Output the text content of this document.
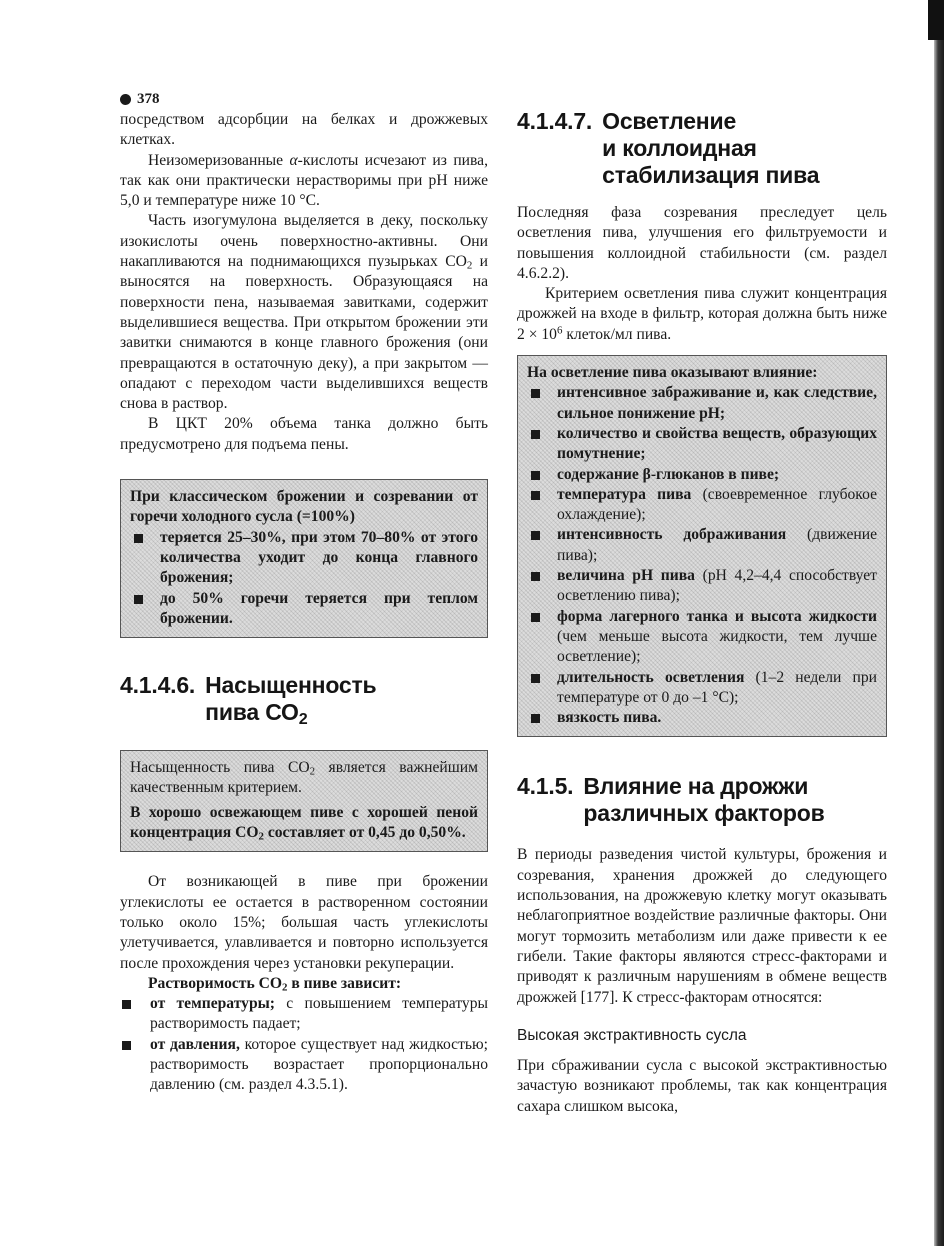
378

посредством адсорбции на белках и дрожжевых клетках.

Неизомеризованные α-кислоты исчезают из пива, так как они практически нерастворимы при pH ниже 5,0 и температуре ниже 10 °С.

Часть изогумулона выделяется в деку, поскольку изокислоты очень поверхностно-активны. Они накапливаются на поднимающихся пузырьках $СО_2$ и выносятся на поверхность. Образующаяся на поверхности пена, называемая завитками, содержит выделившиеся вещества. При открытом брожении эти завитки снимаются в конце главного брожения (они превращаются в остаточную деку), а при закрытом — опадают с переходом части выделившихся веществ снова в раствор.

В ЦКТ 20% объема танка должно быть предусмотрено для подъема пены.

При классическом брожении и созревании от горечи холодного сусла (=100%)

теряется 25–30%, при этом 70–80% от этого количества уходит до конца главного брожения;
до 50% горечи теряется при теплом брожении.
4.1.4.6. Насыщенность
пива $СО_2$

Насыщенность пива $СО_2$ является важнейшим качественным критерием.

В хорошо освежающем пиве с хорошей пеной концентрация $СО_2$ составляет от 0,45 до 0,50%.

От возникающей в пиве при брожении углекислоты ее остается в растворенном состоянии только около 15%; большая часть углекислоты улетучивается, улавливается и повторно используется после прохождения через установки рекуперации.

Растворимость $СО_2$ в пиве зависит:

от температуры; с повышением температуры растворимость падает;
от давления, которое существует над жидкостью; растворимость возрастает пропорционально давлению (см. раздел 4.3.5.1).
4.1.4.7. Осветление
и коллоидная
стабилизация пива

Последняя фаза созревания преследует цель осветления пива, улучшения его фильтруемости и повышения коллоидной стабильности (см. раздел 4.6.2.2).

Критерием осветления пива служит концентрация дрожжей на входе в фильтр, которая должна быть ниже $2 \times 10^6$ клеток/мл пива.

На осветление пива оказывают влияние:

интенсивное забраживание и, как следствие, сильное понижение pH;
количество и свойства веществ, образующих помутнение;
содержание β-глюканов в пиве;
температура пива (своевременное глубокое охлаждение);
интенсивность дображивания (движение пива);
величина pH пива (pH 4,2–4,4 способствует осветлению пива);
форма лагерного танка и высота жидкости (чем меньше высота жидкости, тем лучше осветление);
длительность осветления (1–2 недели при температуре от 0 до –1 °С);
вязкость пива.
4.1.5. Влияние на дрожжи
различных факторов

В периоды разведения чистой культуры, брожения и созревания, хранения дрожжей до следующего использования, на дрожжевую клетку могут оказывать неблагоприятное воздействие различные факторы. Они могут тормозить метаболизм или даже привести к ее гибели. Такие факторы являются стресс-факторами и приводят к различным нарушениям в обмене веществ дрожжей [177]. К стресс-факторам относятся:

Высокая экстрактивность сусла

При сбраживании сусла с высокой экстрактивностью зачастую возникают проблемы, так как концентрация сахара слишком высока,
